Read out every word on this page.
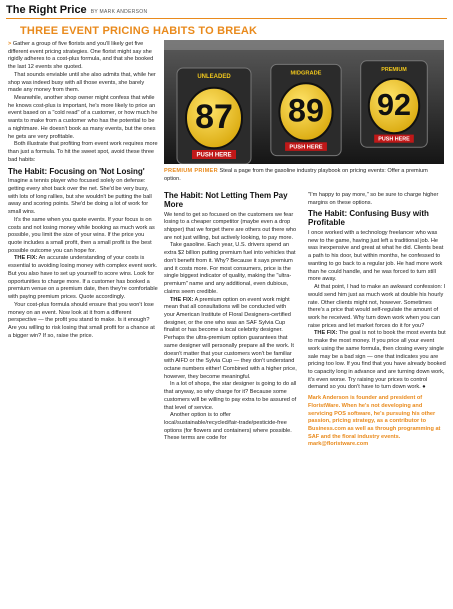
The Right Price BY MARK ANDERSON
THREE EVENT PRICING HABITS TO BREAK

> Gather a group of five florists and you'll likely get five different event pricing strategies. One florist might say she rigidly adheres to a cost-plus formula, and that she booked the last 12 events she quoted.

That sounds enviable until she also admits that, while her shop was indeed busy with all those events, she barely made any money from them.

Meanwhile, another shop owner might confess that while he knows cost-plus is important, he's more likely to price an event based on a "cold read" of a customer, or how much he wants to make from a customer who has the potential to be a nightmare. He doesn't book as many events, but the ones he gets are very profitable.

Both illustrate that profiting from event work requires more than just a formula. To hit the sweet spot, avoid these three bad habits:

The Habit: Focusing on 'Not Losing'

Imagine a tennis player who focused solely on defense: getting every shot back over the net. She'd be very busy, with lots of long rallies, but she wouldn't be putting the ball away and scoring points. She'd be doing a lot of work for small wins.

It's the same when you quote events. If your focus is on costs and not losing money while booking as much work as possible, you limit the size of your wins. If the price you quote includes a small profit, then a small profit is the best possible outcome you can hope for.

THE FIX: An accurate understanding of your costs is essential to avoiding losing money with complex event work. But you also have to set up yourself to score wins. Look for opportunities to charge more. If a customer has booked a premium venue on a premium date, then they're comfortable with paying premium prices. Quote accordingly.

Your cost-plus formula should ensure that you won't lose money on an event. Now look at it from a different perspective — the profit you stand to make. Is it enough? Are you willing to risk losing that small profit for a chance at a bigger win? If so, raise the price.

UNLEADED
87
PUSH HERE
MIDGRADE
89
PUSH HERE
PREMIUM
92
PUSH HERE
PREMIUM PRIMER Steal a page from the gasoline industry playbook on pricing events: Offer a premium option.
The Habit: Not Letting Them Pay More

We tend to get so focused on the customers we fear losing to a cheaper competitor (maybe even a drop shipper) that we forget there are others out there who are not just willing, but actively looking, to pay more.

Take gasoline. Each year, U.S. drivers spend an extra $2 billion putting premium fuel into vehicles that don't benefit from it. Why? Because it says premium and it costs more. For most consumers, price is the single biggest indicator of quality, making the "ultra-premium" name and any additional, even dubious, claims seem credible.

THE FIX: A premium option on event work might mean that all consultations will be conducted with your American Institute of Floral Designers-certified designer, or the one who was an SAF Sylvia Cup finalist or has become a local celebrity designer. Perhaps the ultra-premium option guarantees that same designer will personally prepare all the work. It doesn't matter that your customers won't be familiar with AIFD or the Sylvia Cup — they don't understand octane numbers either! Combined with a higher price, however, they become meaningful.

In a lot of shops, the star designer is going to do all that anyway, so why charge for it? Because some customers will be willing to pay extra to be assured of that level of service.

Another option is to offer local/sustainable/recycled/fair-trade/pesticide-free options (for flowers and containers) where possible. These terms are code for

"I'm happy to pay more," so be sure to charge higher margins on these options.

The Habit: Confusing Busy with Profitable

I once worked with a technology freelancer who was new to the game, having just left a traditional job. He was inexpensive and great at what he did. Clients beat a path to his door, but within months, he confessed to wanting to go back to a regular job. He had more work than he could handle, and he was forced to turn still more away.

At that point, I had to make an awkward confession: I would send him just as much work at double his hourly rate. Other clients might not, however. Sometimes there's a price that would self-regulate the amount of work he received. Why turn down work when you can raise prices and let market forces do it for you?

THE FIX: The goal is not to book the most events but to make the most money. If you price all your event work using the same formula, then closing every single sale may be a bad sign — one that indicates you are pricing too low. If you find that you have already booked to capacity long in advance and are turning down work, it's even worse. Try raising your prices to control demand so you don't have to turn down work. ●

Mark Anderson is founder and president of FloristWare. When he's not developing and servicing POS software, he's pursuing his other passion, pricing strategy, as a contributor to Business.com as well as through programming at SAF and the floral industry events. mark@floristware.com
